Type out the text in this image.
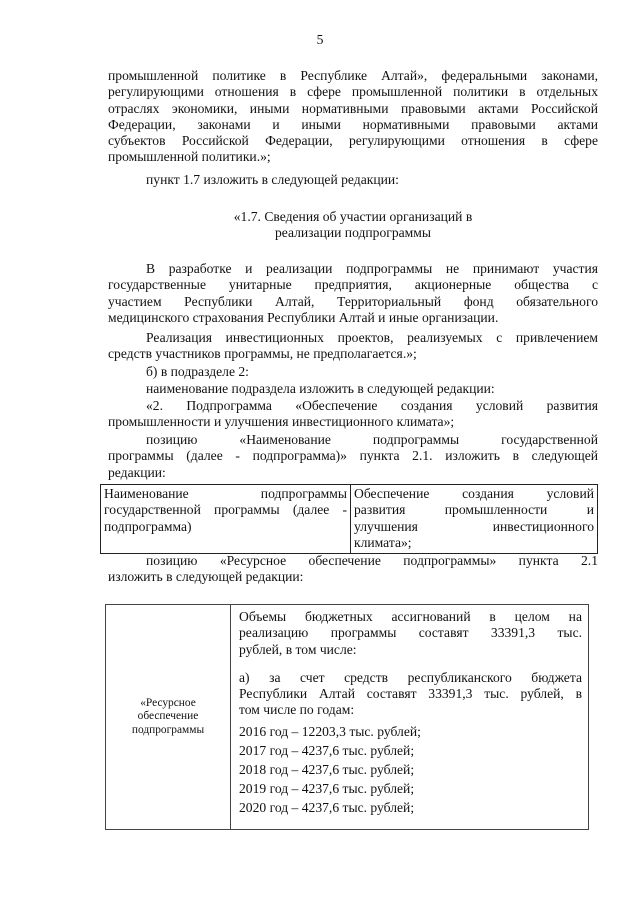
5
промышленной политике в Республике Алтай», федеральными законами,
регулирующими отношения в сфере промышленной политики в отдельных
отраслях экономики, иными нормативными правовыми актами Российской
Федерации, законами и иными нормативными правовыми актами
субъектов Российской Федерации, регулирующими отношения в сфере
промышленной политики.»;
пункт 1.7 изложить в следующей редакции:
«1.7. Сведения об участии организаций в
реализации подпрограммы
В разработке и реализации подпрограммы не принимают участия
государственные унитарные предприятия, акционерные общества с
участием Республики Алтай, Территориальный фонд обязательного
медицинского страхования Республики Алтай и иные организации.
Реализация инвестиционных проектов, реализуемых с привлечением
средств участников программы, не предполагается.»;
б) в подразделе 2:
наименование подраздела изложить в следующей редакции:
«2. Подпрограмма «Обеспечение создания условий развития
промышленности и улучшения инвестиционного климата»;
позицию «Наименование подпрограммы государственной
программы (далее - подпрограмма)» пункта 2.1. изложить в следующей
редакции:
Наименование подпрограммы
государственной программы (далее -
подпрограмма)

Обеспечение создания условий
развития промышленности и
улучшения инвестиционного
климата»;
позицию «Ресурсное обеспечение подпрограммы» пункта 2.1
изложить в следующей редакции:
«Ресурсное
обеспечение
подпрограммы

Объемы бюджетных ассигнований в целом на
реализацию программы составят 33391,3 тыс.
рублей, в том числе:
а) за счет средств республиканского бюджета
Республики Алтай составят 33391,3 тыс. рублей, в
том числе по годам:
2016 год – 12203,3 тыс. рублей;
2017 год – 4237,6 тыс. рублей;
2018 год – 4237,6 тыс. рублей;
2019 год – 4237,6 тыс. рублей;
2020 год – 4237,6 тыс. рублей;
